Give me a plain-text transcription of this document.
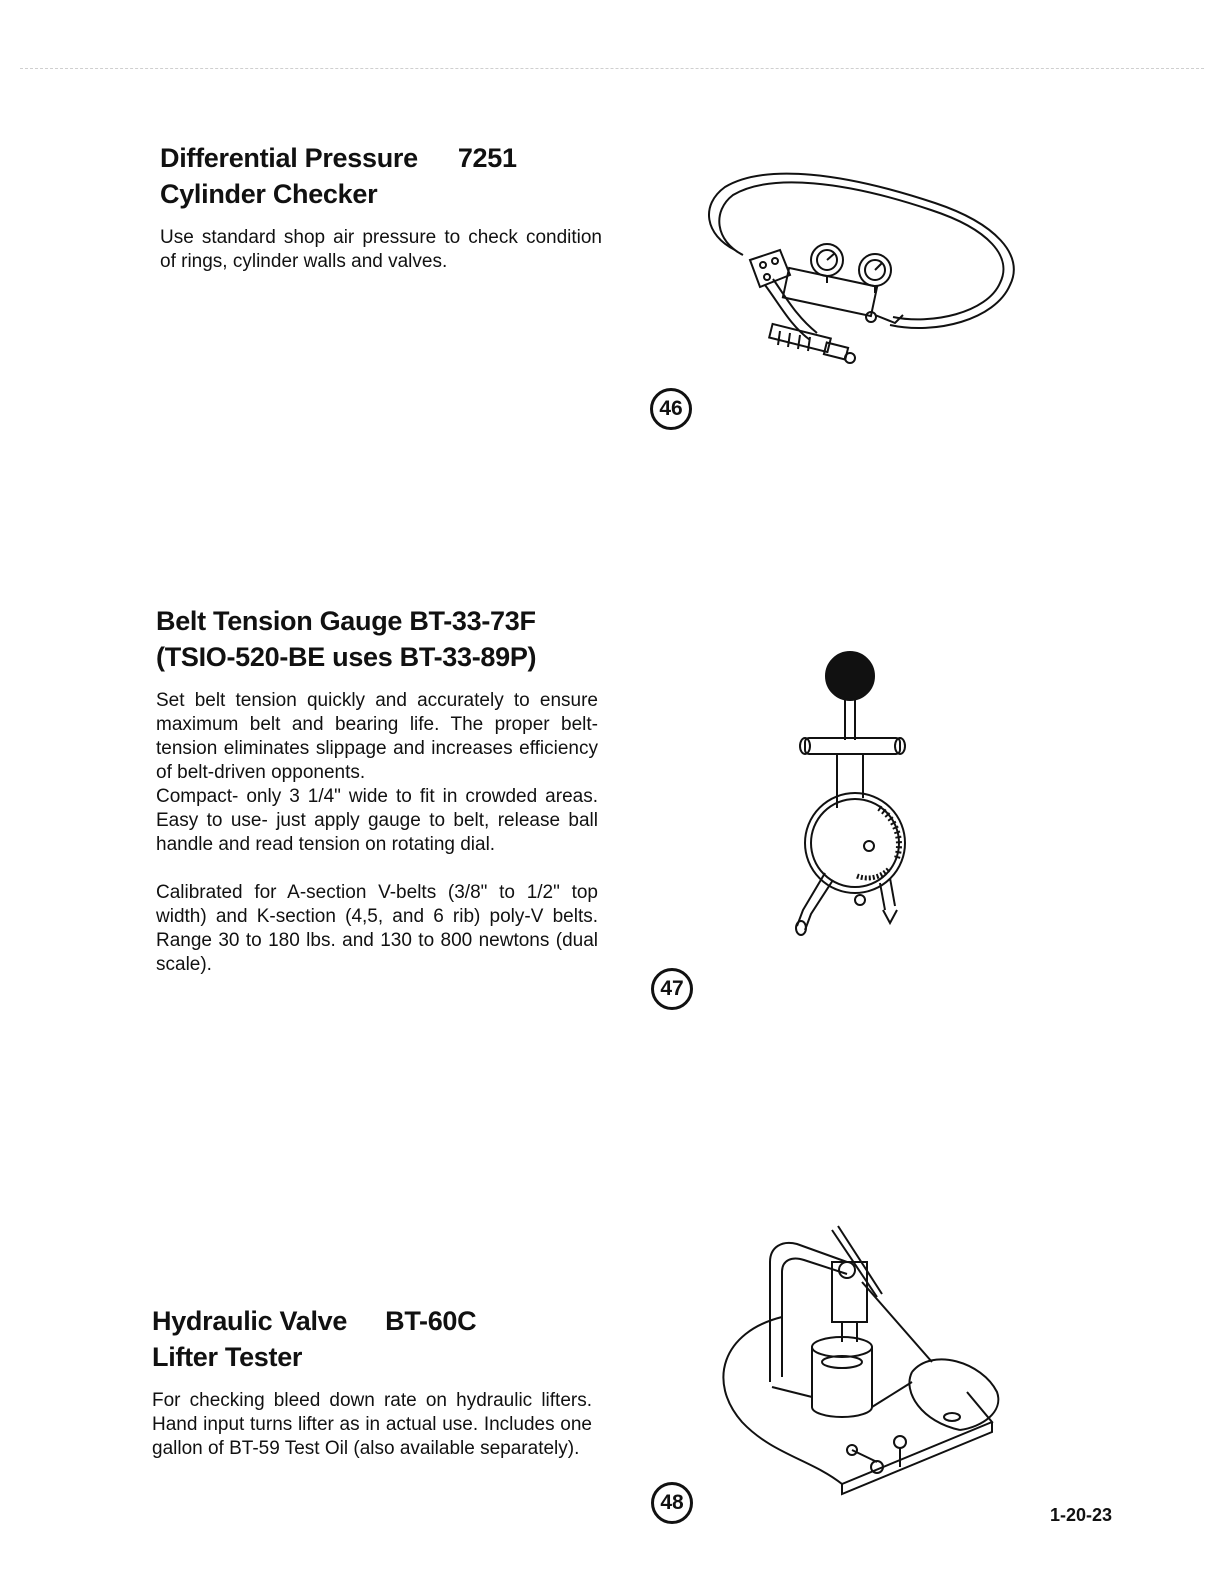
Differential Pressure 7251
Cylinder Checker

Use standard shop air pressure to check condition of rings, cylinder walls and valves.

46
Belt Tension Gauge BT-33-73F
(TSIO-520-BE uses BT-33-89P)

Set belt tension quickly and accurately to ensure maximum belt and bearing life. The proper belt-tension eliminates slippage and increases efficiency of belt-driven opponents.

Compact- only 3 1/4" wide to fit in crowded areas. Easy to use- just apply gauge to belt, release ball handle and read tension on rotating dial.

Calibrated for A-section V-belts (3/8" to 1/2" top width) and K-section (4,5, and 6 rib) poly-V belts. Range 30 to 180 lbs. and 130 to 800 newtons (dual scale).

47
Hydraulic Valve BT-60C
Lifter Tester

For checking bleed down rate on hydraulic lifters. Hand input turns lifter as in actual use. Includes one gallon of BT-59 Test Oil (also available separately).

48
1-20-23
